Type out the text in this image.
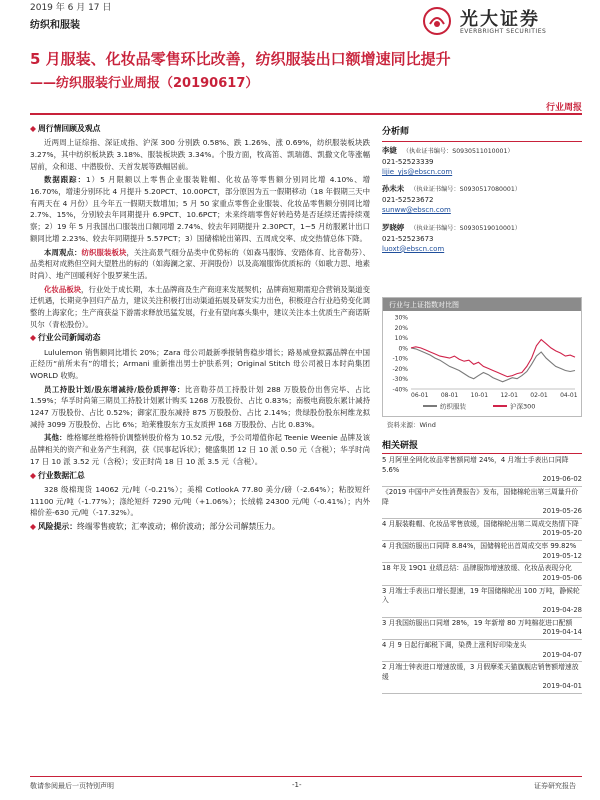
2019 年 6 月 17 日
纺织和服装	光大证券
EVERBRIGHT SECURITIES
5 月服装、化妆品零售环比改善，纺织服装出口额增速同比提升
——纺织服装行业周报（20190617）
行业周报
◆ 周行情回顾及观点
近两周上证综指、深证成指、沪深 300 分别跌 0.58%、跌 1.26%、涨 0.69%，纺织服装板块跌 3.27%，其中纺织板块跌 3.18%、服装板块跌 3.34%。个股方面，牧高笛、凯瑞德、凯撒文化等涨幅居前，众和退、中潜股份、天首发展等跌幅居前。
数据跟踪：1）5 月限额以上零售企业服装鞋帽、化妆品等零售额分别同比增 4.10%、增 16.70%，增速分别环比 4 月提升 5.20PCT、10.00PCT，部分原因为五一假期移动（18 年假期三天中有两天在 4 月份）且今年五一假期天数增加；5 月 50 家重点零售企业服装、化妆品零售额分别同比增 2.7%、15%，分别较去年同期提升 6.9PCT、10.6PCT；未来终端零售好转趋势是否延续还需持续观察；2）19 年 5 月我国出口服装出口额同增 2.74%、较去年同期提升 2.30PCT，1~5 月纺服累计出口额同比增 2.23%、较去年同期提升 5.57PCT；3）国储棉轮出第四、五周成交率、成交热情总体下降。
本周观点：纺织服装板块，关注高景气细分品类中优势标的（如森马服饰、安踏体育、比音勒芬）、品类相对成熟但空间大望胜出的标的（如海澜之家、开润股份）以及高端服饰优质标的（如歌力思、地素时尚）、地产回暖利好个股罗莱生活。
化妆品板块，行业处于成长期，本土品牌商及生产商迎来发展契机；品牌商短期需迎合营销及渠道变迁机遇，长期竞争回归产品力，建议关注积极打出动渠道拓展及研发实力出色，积极迎合行业趋势变化调整的上海家化；生产商获益下游需求释放迅猛发展，行业有望向寡头集中，建议关注本土优质生产商诺斯贝尔（青松股份）。
◆ 行业公司新闻动态
Lululemon 销售额同比增长 20%；Zara 母公司最新季报销售稳步增长；路易威登拟露品牌在中国正经历“前所未有”的增长；Armani 重新推出男士护肤系列；Original Stitch 母公司被日本时尚集团 WORLD 收购。
员工持股计划/股东增减持/股份质押等：比音勒芬员工持股计划 288 万股股份出售完毕、占比 1.59%；华孚时尚第三期员工持股计划累计购买 1268 万股股份、占比 0.83%；南极电商股东累计减持 1247 万股股份、占比 0.52%；御家汇股东减持 875 万股股份、占比 2.14%；贵绿股份股东柯维龙拟减持 3099 万股股份、占比 6%；珀莱雅股东方玉友质押 168 万股股份、占比 0.83%。
其他：维格娜丝维格特价调整转股价格为 10.52 元/股，予公司增值你起 Teenie Weenie 品牌及该品牌相关的资产和业务产生利润，获《民事起诉状》；健盛集团 12 日 10 派 0.50 元（含税）；华孚时尚 17 日 10 派 3.52 元（含税）；安正时尚 18 日 10 派 3.5 元（含税）。
◆ 行业数据汇总
328 级棉现货 14062 元/吨（-0.21%）；美棉 CotlookA 77.80 美分/磅（-2.64%）；粘胶短纤 11100 元/吨（-1.77%）；涤纶短纤 7290 元/吨（+1.06%）；长绒棉 24300 元/吨（-0.41%）；内外棉价差-630 元/吨（-17.32%）。
◆ 风险提示：终端零售疲软；汇率波动；棉价波动；部分公司解禁压力。
分析师
李婕 （执业证书编号：S0930511010001）
021-52523339
lijie_yjs@ebscn.com
孙未未 （执业证书编号：S0930517080001）
021-52523672
sunww@ebscn.com
罗晓婷 （执业证书编号：S0930519010001）
021-52523673
luoxt@ebscn.com
行业与上证指数对比图
30%
20%
10%
0%
-10%
-20%
-30%
-40%
06-01 08-01 10-01 12-01 02-01 04-01
纺织服装	沪深300
资料来源：Wind
相关研报
5 月阿里全网化妆品零售额同增 24%，4 月端士手表出口同降 5.6%
2019-06-02
《2019 中国中产女性消费报告》发布，国储棉轮出第三周量升价降
2019-05-26
4 月服装鞋帽、化妆品零售放缓，国储棉轮出第二周成交热情下降
2019-05-20
4 月我国纺服出口同降 8.84%，国储棉轮出首周成交率 99.82%
2019-05-12
18 年及 19Q1 业绩总结：品牌服饰增速放缓、化妆品表现分化
2019-05-06
3 月端士手表出口增长提速，19 年国储棉轮出 100 万吨，静候轮入
2019-04-28
3 月我国纺服出口同增 28%，19 年新增 80 万吨棉花进口配额
2019-04-14
4 月 9 日起行邮税下调，染费上涨利好印染龙头
2019-04-07
2 月端士钟表进口增速放缓，3 月假摩柔天猫旗舰店销售额增速放缓
2019-04-01
敬请参阅最后一页特别声明	-1-	证券研究报告
